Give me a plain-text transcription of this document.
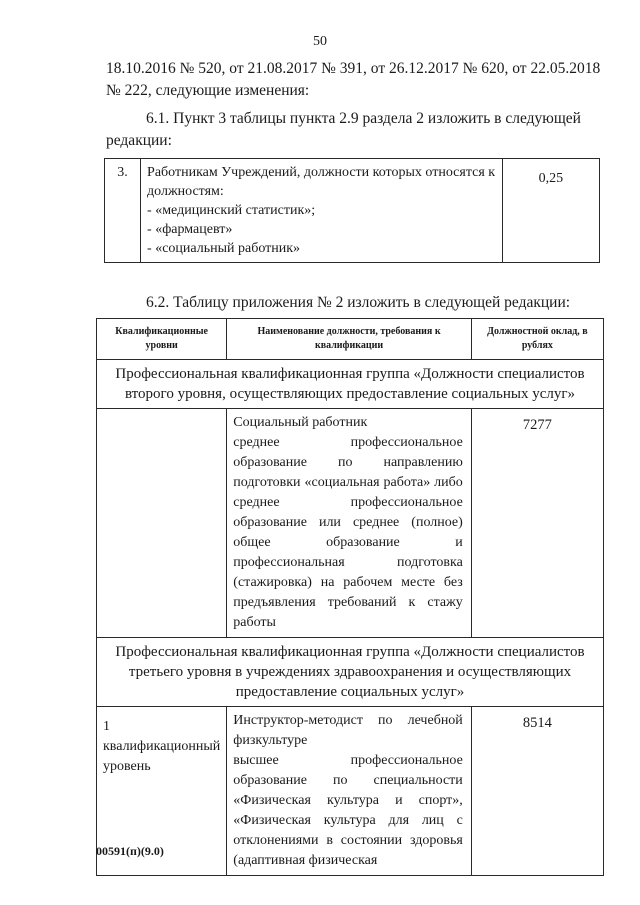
50
18.10.2016 № 520, от 21.08.2017 № 391, от 26.12.2017 № 620, от 22.05.2018 № 222, следующие изменения:
6.1. Пункт 3 таблицы пункта 2.9 раздела 2 изложить в следующей редакции:
3.	Работникам Учреждений, должности которых относятся к должностям:
- «медицинский статистик»;
- «фармацевт»
- «социальный работник»
	0,25
6.2. Таблицу приложения № 2 изложить в следующей редакции:
Квалификационные уровни	Наименование должности, требования к квалификации	Должностной оклад, в рублях
Профессиональная квалификационная группа «Должности специалистов второго уровня, осуществляющих предоставление социальных услуг»		

	Социальный работник
среднее профессиональное образование по направлению подготовки «социальная работа» либо среднее профессиональное образование или среднее (полное) общее образование и профессиональная подготовка (стажировка) на рабочем месте без предъявления требований к стажу работы	7277
Профессиональная квалификационная группа «Должности специалистов третьего уровня в учреждениях здравоохранения и осуществляющих предоставление социальных услуг»		
1 квалификационный уровень	Инструктор-методист по лечебной физкультуре
высшее профессиональное образование по специальности «Физическая культура и спорт», «Физическая культура для лиц с отклонениями в состоянии здоровья (адаптивная физическая	8514
00591(п)(9.0)
